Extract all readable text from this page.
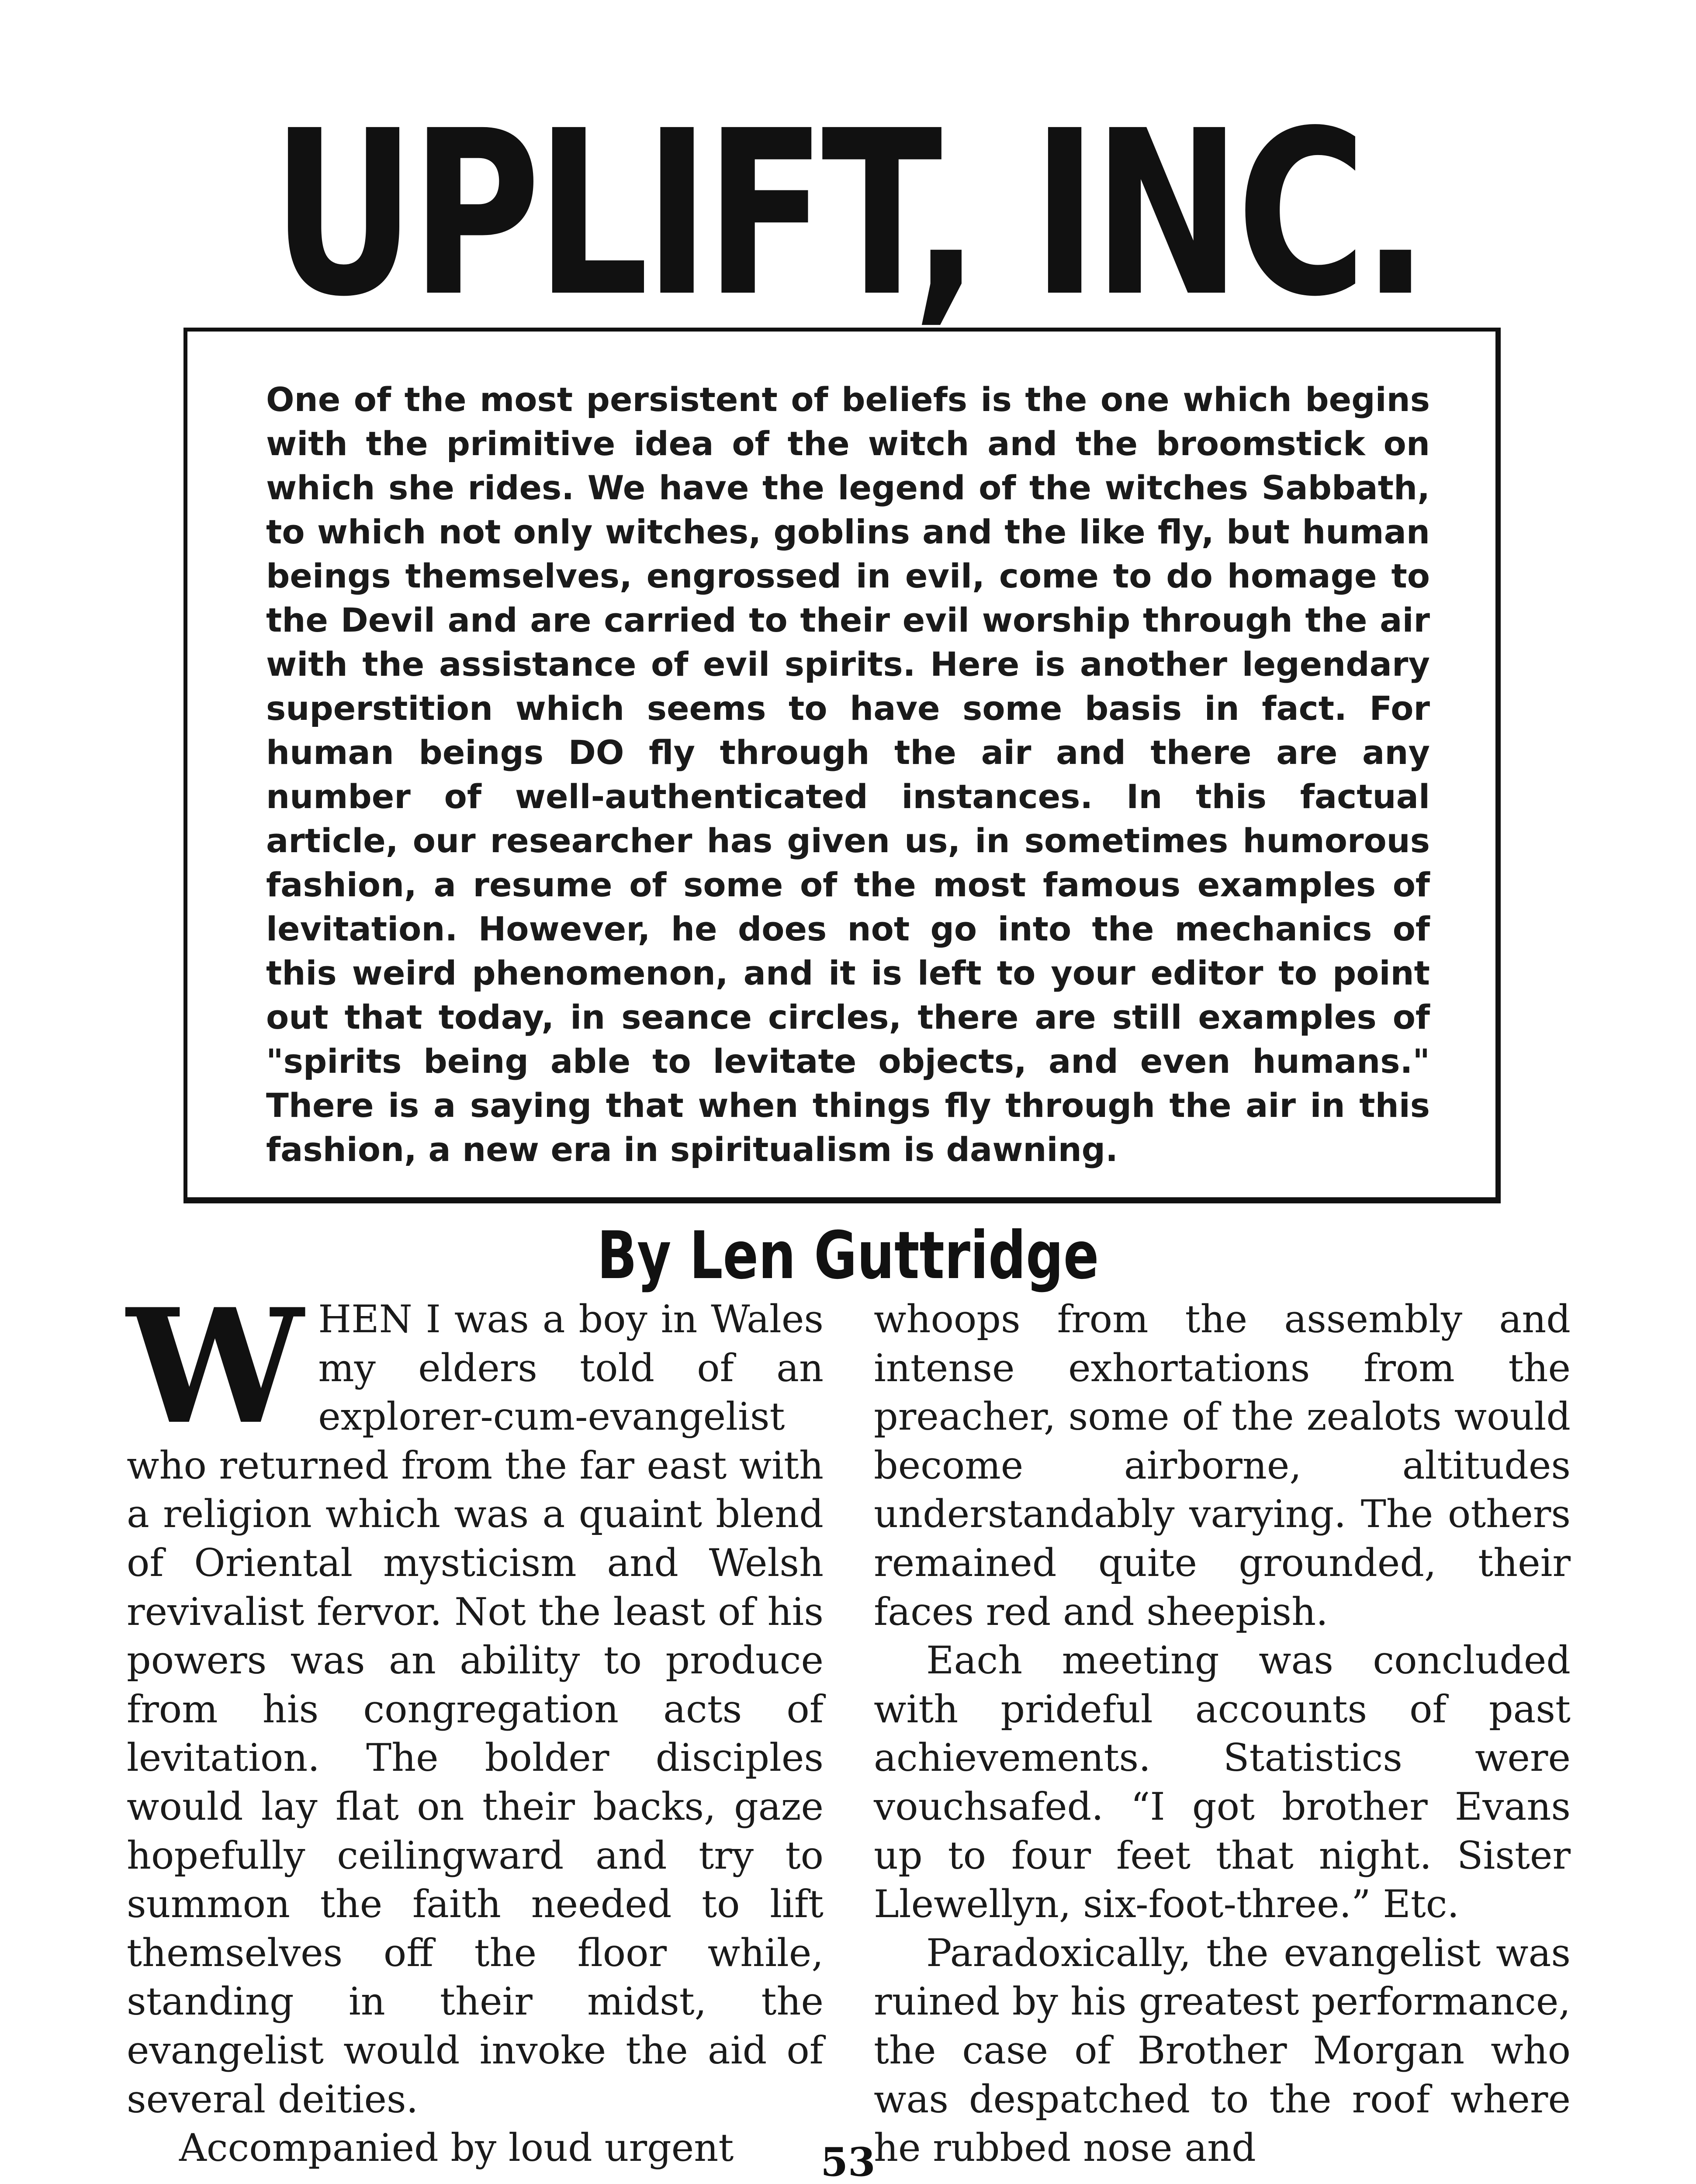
UPLIFT, INC.

One of the most persistent of beliefs is the one which begins with the primitive idea of the witch and the broomstick on which she rides. We have the legend of the witches Sabbath, to which not only witches, goblins and the like fly, but human beings themselves, engrossed in evil, come to do homage to the Devil and are carried to their evil worship through the air with the assistance of evil spirits. Here is another legendary superstition which seems to have some basis in fact. For human beings DO fly through the air and there are any number of well-authenticated instances. In this factual article, our researcher has given us, in sometimes humorous fashion, a resume of some of the most famous examples of levitation. However, he does not go into the mechanics of this weird phenomenon, and it is left to your editor to point out that today, in seance circles, there are still examples of "spirits being able to levitate objects, and even humans." There is a saying that when things fly through the air in this fashion, a new era in spiritualism is dawning.

By Len Guttridge

WHEN I was a boy in Wales my elders told of an explorer-cum-evangelist who returned from the far east with a religion which was a quaint blend of Oriental mysticism and Welsh revivalist fervor. Not the least of his powers was an ability to produce from his congregation acts of levitation. The bolder disciples would lay flat on their backs, gaze hopefully ceilingward and try to summon the faith needed to lift themselves off the floor while, standing in their midst, the evangelist would invoke the aid of several deities.

Accompanied by loud urgent

whoops from the assembly and intense exhortations from the preacher, some of the zealots would become airborne, altitudes understandably varying. The others remained quite grounded, their faces red and sheepish.

Each meeting was concluded with prideful accounts of past achievements. Statistics were vouchsafed. “I got brother Evans up to four feet that night. Sister Llewellyn, six-foot-three.” Etc.

Paradoxically, the evangelist was ruined by his greatest performance, the case of Brother Morgan who was despatched to the roof where he rubbed nose and

53
